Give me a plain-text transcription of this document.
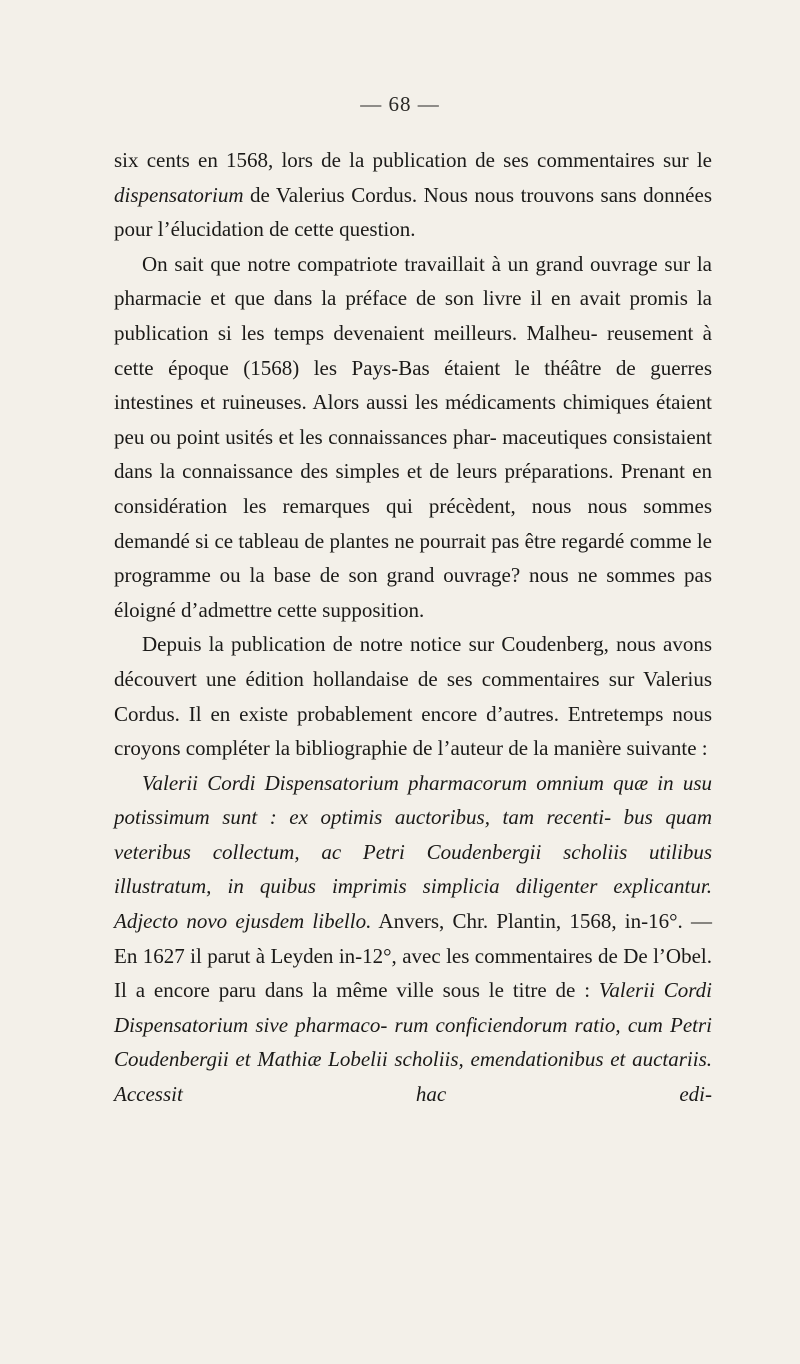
— 68 —

six cents en 1568, lors de la publication de ses commentaires sur le dispensatorium de Valerius Cordus. Nous nous trouvons sans données pour l’élucidation de cette question.

On sait que notre compatriote travaillait à un grand ouvrage sur la pharmacie et que dans la préface de son livre il en avait promis la publication si les temps devenaient meilleurs. Malheu- reusement à cette époque (1568) les Pays-Bas étaient le théâtre de guerres intestines et ruineuses. Alors aussi les médicaments chimiques étaient peu ou point usités et les connaissances phar- maceutiques consistaient dans la connaissance des simples et de leurs préparations. Prenant en considération les remarques qui précèdent, nous nous sommes demandé si ce tableau de plantes ne pourrait pas être regardé comme le programme ou la base de son grand ouvrage? nous ne sommes pas éloigné d’admettre cette supposition.

Depuis la publication de notre notice sur Coudenberg, nous avons découvert une édition hollandaise de ses commentaires sur Valerius Cordus. Il en existe probablement encore d’autres. Entretemps nous croyons compléter la bibliographie de l’auteur de la manière suivante :

Valerii Cordi Dispensatorium pharmacorum omnium quæ in usu potissimum sunt : ex optimis auctoribus, tam recenti- bus quam veteribus collectum, ac Petri Coudenbergii scholiis utilibus illustratum, in quibus imprimis simplicia diligenter explicantur. Adjecto novo ejusdem libello. Anvers, Chr. Plantin, 1568, in-16°. — En 1627 il parut à Leyden in-12°, avec les commentaires de De l’Obel. Il a encore paru dans la même ville sous le titre de : Valerii Cordi Dispensatorium sive pharmaco- rum conficiendorum ratio, cum Petri Coudenbergii et Mathiæ Lobelii scholiis, emendationibus et auctariis. Accessit hac edi-
